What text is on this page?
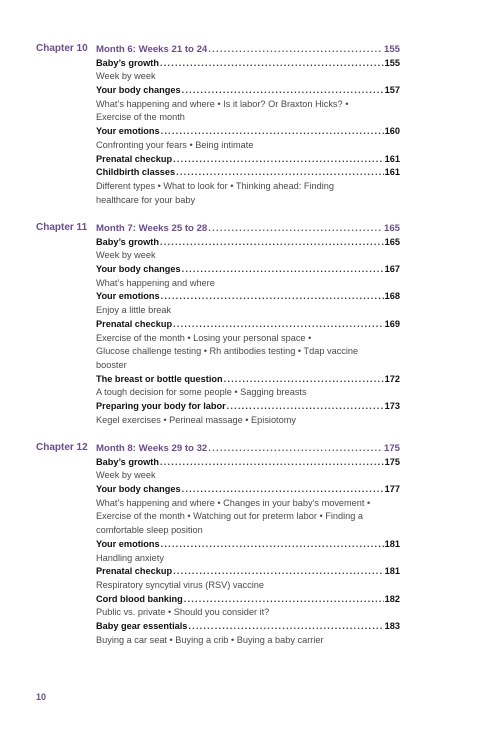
Chapter 10 Month 6: Weeks 21 to 24 .....	155
Baby’s growth .....	155
Week by week
Your body changes .....	157
What’s happening and where • Is it labor? Or Braxton Hicks? •
Exercise of the month
Your emotions .....	160
Confronting your fears • Being intimate
Prenatal checkup .....	161
Childbirth classes .....	161
Different types • What to look for • Thinking ahead: Finding
healthcare for your baby
Chapter 11 Month 7: Weeks 25 to 28 .....	165
Baby’s growth .....	165
Week by week
Your body changes .....	167
What’s happening and where
Your emotions .....	168
Enjoy a little break
Prenatal checkup .....	169
Exercise of the month • Losing your personal space •
Glucose challenge testing • Rh antibodies testing • Tdap vaccine
booster
The breast or bottle question .....	172
A tough decision for some people • Sagging breasts
Preparing your body for labor .....	173
Kegel exercises • Perineal massage • Episiotomy
Chapter 12 Month 8: Weeks 29 to 32 .....	175
Baby’s growth .....	175
Week by week
Your body changes .....	177
What’s happening and where • Changes in your baby’s movement •
Exercise of the month • Watching out for preterm labor • Finding a
comfortable sleep position
Your emotions .....	181
Handling anxiety
Prenatal checkup .....	181
Respiratory syncytial virus (RSV) vaccine
Cord blood banking .....	182
Public vs. private • Should you consider it?
Baby gear essentials .....	183
Buying a car seat • Buying a crib • Buying a baby carrier
10
